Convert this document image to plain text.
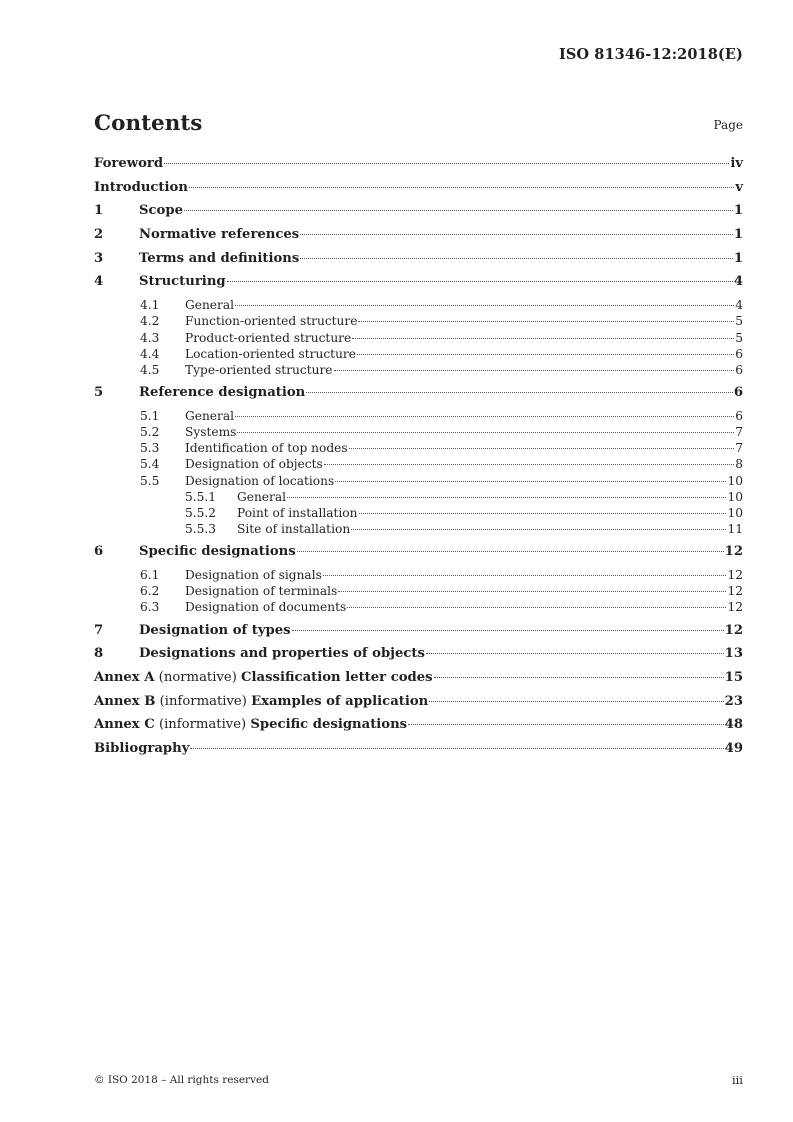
ISO 81346-12:2018(E)
Contents	Page
Foreword	iv
Introduction	v
1	Scope	1
2	Normative references	1
3	Terms and definitions	1
4	Structuring	4
4.1	General	4
4.2	Function-oriented structure	5
4.3	Product-oriented structure	5
4.4	Location-oriented structure	6
4.5	Type-oriented structure	6
5	Reference designation	6
5.1	General	6
5.2	Systems	7
5.3	Identification of top nodes	7
5.4	Designation of objects	8
5.5	Designation of locations	10
5.5.1	General	10
5.5.2	Point of installation	10
5.5.3	Site of installation	11
6	Specific designations	12
6.1	Designation of signals	12
6.2	Designation of terminals	12
6.3	Designation of documents	12
7	Designation of types	12
8	Designations and properties of objects	13
Annex A (normative) Classification letter codes	15
Annex B (informative) Examples of application	23
Annex C (informative) Specific designations	48
Bibliography	49
© ISO 2018 – All rights reserved	iii
